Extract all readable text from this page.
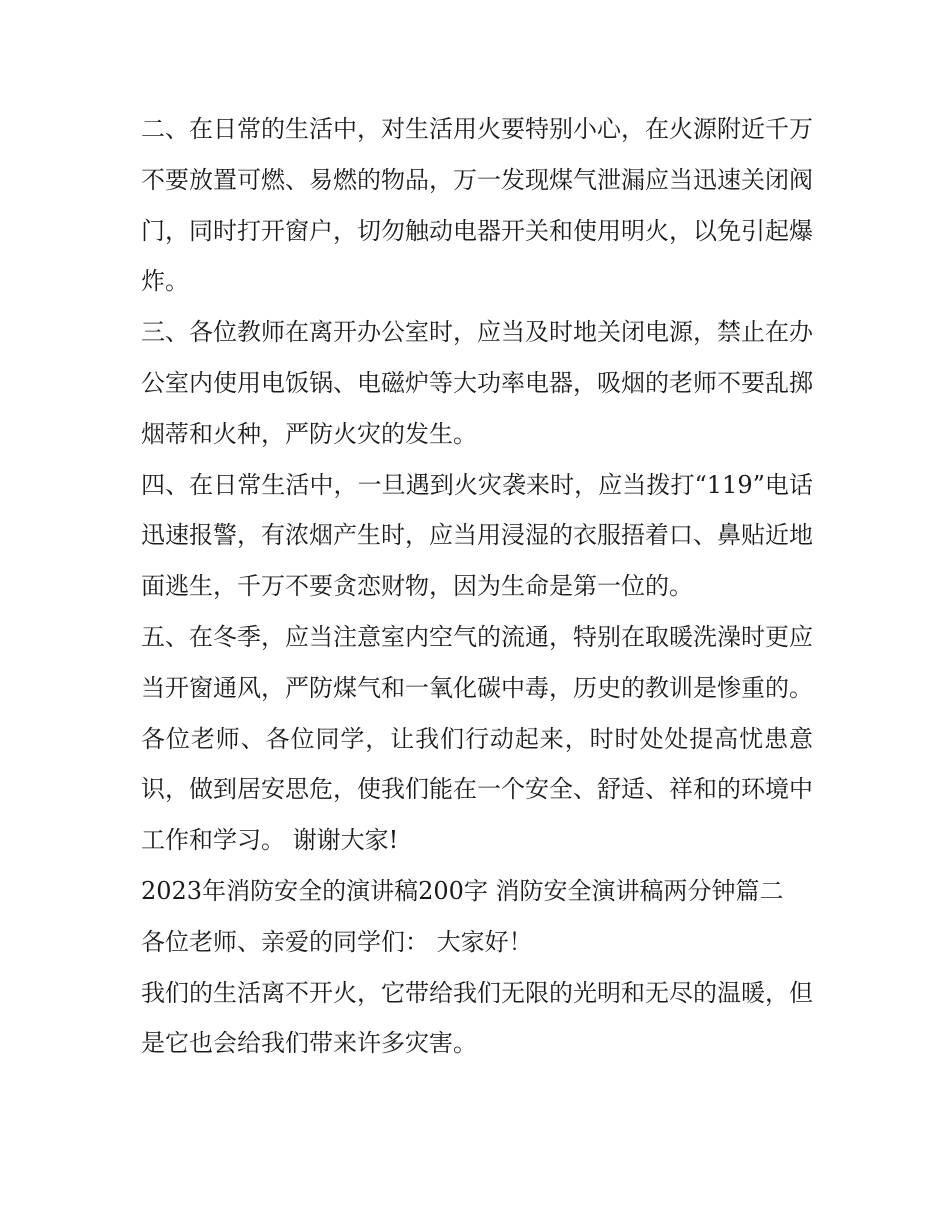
二、在日常的生活中，对生活用火要特别小心，在火源附近千万不要放置可燃、易燃的物品，万一发现煤气泄漏应当迅速关闭阀门，同时打开窗户，切勿触动电器开关和使用明火，以免引起爆炸。

三、各位教师在离开办公室时，应当及时地关闭电源，禁止在办公室内使用电饭锅、电磁炉等大功率电器，吸烟的老师不要乱掷烟蒂和火种，严防火灾的发生。

四、在日常生活中，一旦遇到火灾袭来时，应当拨打“119”电话迅速报警，有浓烟产生时，应当用浸湿的衣服捂着口、鼻贴近地面逃生，千万不要贪恋财物，因为生命是第一位的。

五、在冬季，应当注意室内空气的流通，特别在取暖洗澡时更应当开窗通风，严防煤气和一氧化碳中毒，历史的教训是惨重的。

各位老师、各位同学，让我们行动起来，时时处处提高忧患意识，做到居安思危，使我们能在一个安全、舒适、祥和的环境中工作和学习。 谢谢大家!

2023年消防安全的演讲稿200字 消防安全演讲稿两分钟篇二

各位老师、亲爱的同学们： 大家好！

我们的生活离不开火，它带给我们无限的光明和无尽的温暖，但是它也会给我们带来许多灾害。
